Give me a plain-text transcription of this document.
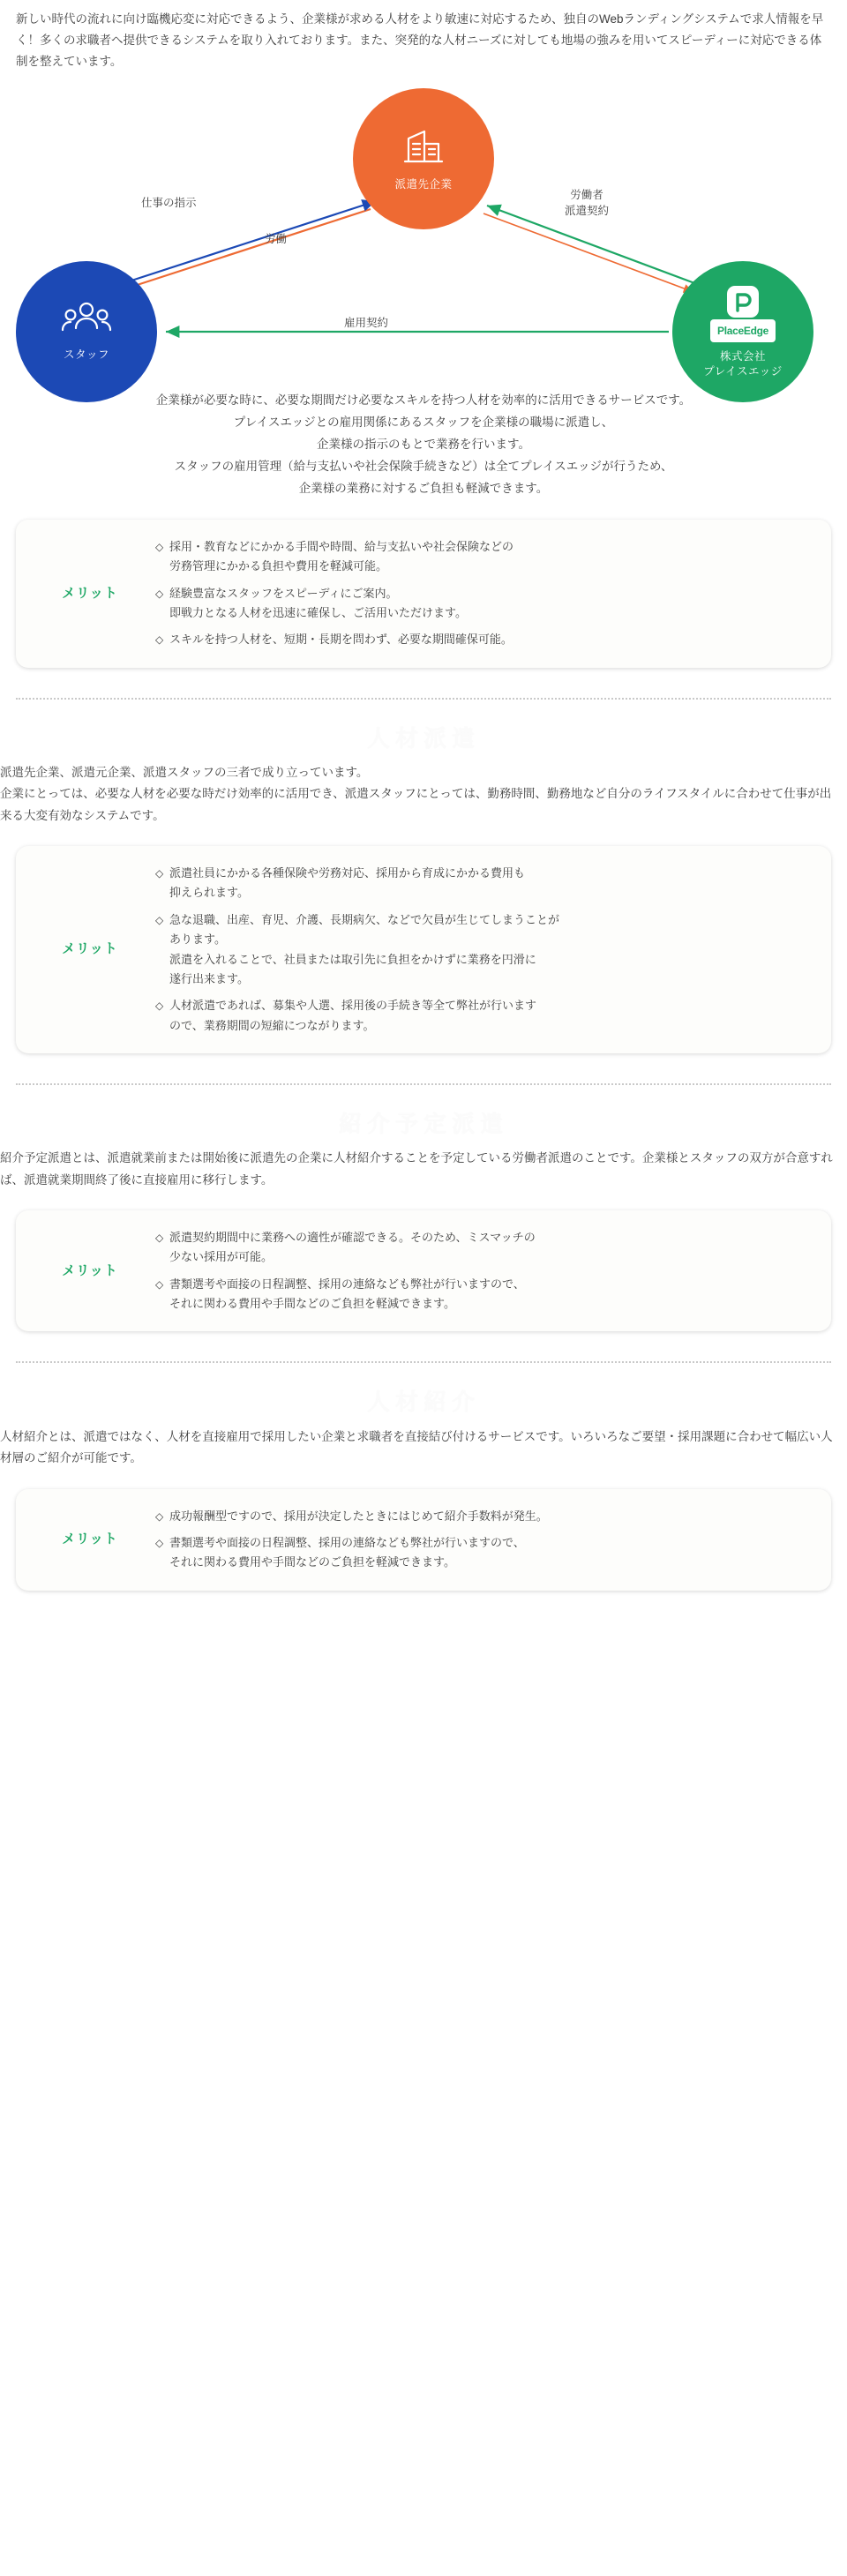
新しい時代の流れに向け臨機応変に対応できるよう、企業様が求める人材をより敏速に対応するため、独自のWebランディングシステムで求人情報を早く！多くの求職者へ提供できるシステムを取り入れております。また、突発的な人材ニーズに対しても地場の強みを用いてスピーディーに対応できる体制を整えています。
派遣先企業
スタッフ
PlaceEdge
株式会社
プレイスエッジ
仕事の指示
労働
労働者
派遣契約
雇用契約
企業様が必要な時に、必要な期間だけ必要なスキルを持つ人材を効率的に活用できるサービスです。
プレイスエッジとの雇用関係にあるスタッフを企業様の職場に派遣し、
企業様の指示のもとで業務を行います。
スタッフの雇用管理（給与支払いや社会保険手続きなど）は全てプレイスエッジが行うため、
企業様の業務に対するご負担も軽減できます。
メリット
◇ 採用・教育などにかかる手間や時間、給与支払いや社会保険などの
労務管理にかかる負担や費用を軽減可能。
◇ 経験豊富なスタッフをスピーディにご案内。
即戦力となる人材を迅速に確保し、ご活用いただけます。
◇ スキルを持つ人材を、短期・長期を問わず、必要な期間確保可能。
人材派遣

派遣先企業、派遣元企業、派遣スタッフの三者で成り立っています。

企業にとっては、必要な人材を必要な時だけ効率的に活用でき、派遣スタッフにとっては、勤務時間、勤務地など自分のライフスタイルに合わせて仕事が出来る大変有効なシステムです。

メリット
◇ 派遣社員にかかる各種保険や労務対応、採用から育成にかかる費用も
抑えられます。
◇ 急な退職、出産、育児、介護、長期病欠、などで欠員が生じてしまうことが
あります。
派遣を入れることで、社員または取引先に負担をかけずに業務を円滑に
遂行出来ます。
◇ 人材派遣であれば、募集や人選、採用後の手続き等全て弊社が行います
ので、業務期間の短縮につながります。
紹介予定派遣

紹介予定派遣とは、派遣就業前または開始後に派遣先の企業に人材紹介することを予定している労働者派遣のことです。企業様とスタッフの双方が合意すれば、派遣就業期間終了後に直接雇用に移行します。

メリット
◇ 派遣契約期間中に業務への適性が確認できる。そのため、ミスマッチの
少ない採用が可能。
◇ 書類選考や面接の日程調整、採用の連絡なども弊社が行いますので、
それに関わる費用や手間などのご負担を軽減できます。
人材紹介

人材紹介とは、派遣ではなく、人材を直接雇用で採用したい企業と求職者を直接結び付けるサービスです。いろいろなご要望・採用課題に合わせて幅広い人材層のご紹介が可能です。

メリット
◇ 成功報酬型ですので、採用が決定したときにはじめて紹介手数料が発生。
◇ 書類選考や面接の日程調整、採用の連絡なども弊社が行いますので、
それに関わる費用や手間などのご負担を軽減できます。
